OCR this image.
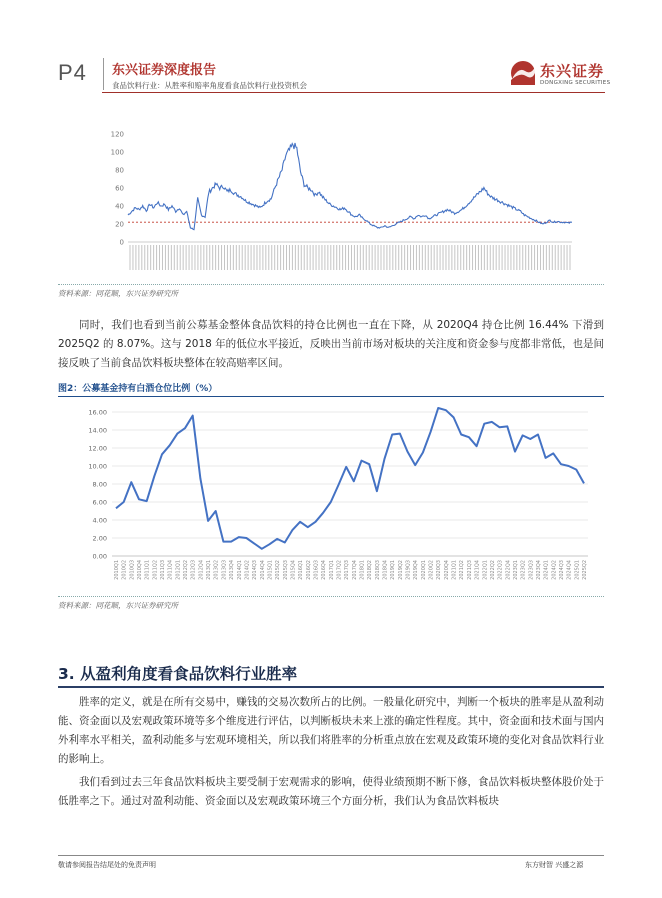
P4 东兴证券深度报告
食品饮料行业：从胜率和赔率角度看食品饮料行业投资机会
东兴证券
DONGXING SECURITIES
0
20
40
60
80
100
120
资料来源：同花顺，东兴证券研究所

同时，我们也看到当前公募基金整体食品饮料的持仓比例也一直在下降，从 2020Q4 持仓比例 16.44% 下滑到 2025Q2 的 8.07%。这与 2018 年的低位水平接近，反映出当前市场对板块的关注度和资金参与度都非常低，也是间接反映了当前食品饮料板块整体在较高赔率区间。

图2：公募基金持有白酒仓位比例（%）
0.00
2.00
4.00
6.00
8.00
10.00
12.00
14.00
16.00
2010Q1 2010Q2 2010Q3 2010Q4 2011Q1 2011Q2 2011Q3 2011Q4 2012Q1 2012Q2 2012Q3 2012Q4 2013Q1 2013Q2 2013Q3 2013Q4 2014Q1 2014Q2 2014Q3 2014Q4 2015Q1 2015Q2 2015Q3 2015Q4 2016Q1 2016Q2 2016Q3 2016Q4 2017Q1 2017Q2 2017Q3 2017Q4 2018Q1 2018Q2 2018Q3 2018Q4 2019Q1 2019Q2 2019Q3 2019Q4 2020Q1 2020Q2 2020Q3 2020Q4 2021Q1 2021Q2 2021Q3 2021Q4 2022Q1 2022Q2 2022Q3 2022Q4 2023Q1 2023Q2 2023Q3 2023Q4 2024Q1 2024Q2 2024Q3 2024Q4 2025Q1 2025Q2
资料来源：同花顺，东兴证券研究所
3. 从盈利角度看食品饮料行业胜率

胜率的定义，就是在所有交易中，赚钱的交易次数所占的比例。一般量化研究中，判断一个板块的胜率是从盈利动能、资金面以及宏观政策环境等多个维度进行评估，以判断板块未来上涨的确定性程度。其中，资金面和技术面与国内外利率水平相关，盈利动能多与宏观环境相关，所以我们将胜率的分析重点放在宏观及政策环境的变化对食品饮料行业的影响上。

我们看到过去三年食品饮料板块主要受制于宏观需求的影响，使得业绩预期不断下修，食品饮料板块整体股价处于低胜率之下。通过对盈利动能、资金面以及宏观政策环境三个方面分析，我们认为食品饮料板块

敬请参阅报告结尾处的免责声明	东方财智 兴盛之源
